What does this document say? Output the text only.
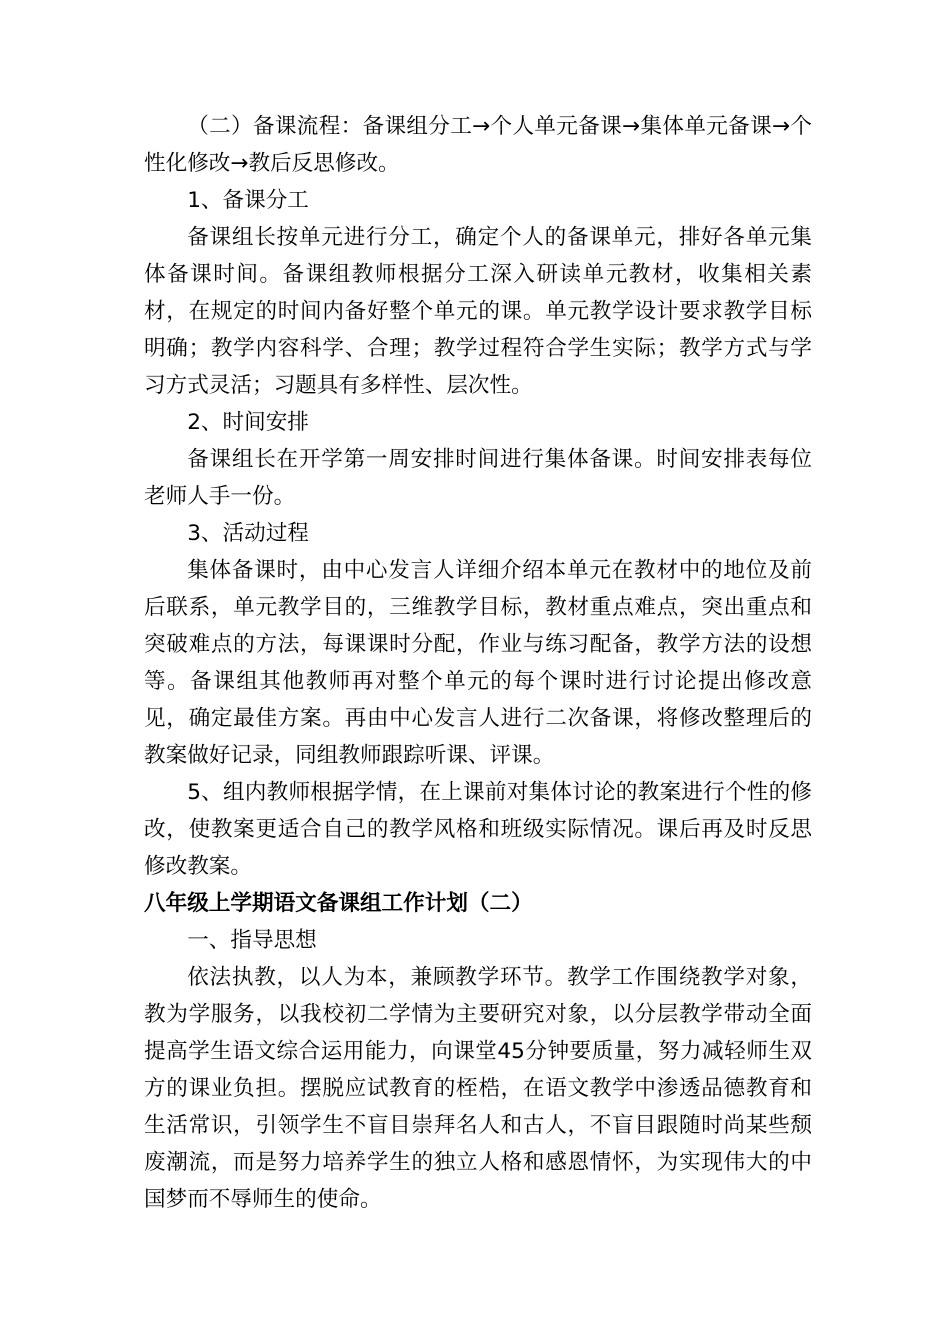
（二）备课流程：备课组分工→个人单元备课→集体单元备课→个性化修改→教后反思修改。

1、备课分工

备课组长按单元进行分工，确定个人的备课单元，排好各单元集体备课时间。备课组教师根据分工深入研读单元教材，收集相关素材，在规定的时间内备好整个单元的课。单元教学设计要求教学目标明确；教学内容科学、合理；教学过程符合学生实际；教学方式与学习方式灵活；习题具有多样性、层次性。

2、时间安排

备课组长在开学第一周安排时间进行集体备课。时间安排表每位老师人手一份。

3、活动过程

集体备课时，由中心发言人详细介绍本单元在教材中的地位及前后联系，单元教学目的，三维教学目标，教材重点难点，突出重点和突破难点的方法，每课课时分配，作业与练习配备，教学方法的设想等。备课组其他教师再对整个单元的每个课时进行讨论提出修改意见，确定最佳方案。再由中心发言人进行二次备课，将修改整理后的教案做好记录，同组教师跟踪听课、评课。

5、组内教师根据学情，在上课前对集体讨论的教案进行个性的修改，使教案更适合自己的教学风格和班级实际情况。课后再及时反思修改教案。

八年级上学期语文备课组工作计划（二）

一、指导思想

依法执教，以人为本，兼顾教学环节。教学工作围绕教学对象，教为学服务，以我校初二学情为主要研究对象，以分层教学带动全面提高学生语文综合运用能力，向课堂45分钟要质量，努力减轻师生双方的课业负担。摆脱应试教育的桎梏，在语文教学中渗透品德教育和生活常识，引领学生不盲目崇拜名人和古人，不盲目跟随时尚某些颓废潮流，而是努力培养学生的独立人格和感恩情怀，为实现伟大的中国梦而不辱师生的使命。
